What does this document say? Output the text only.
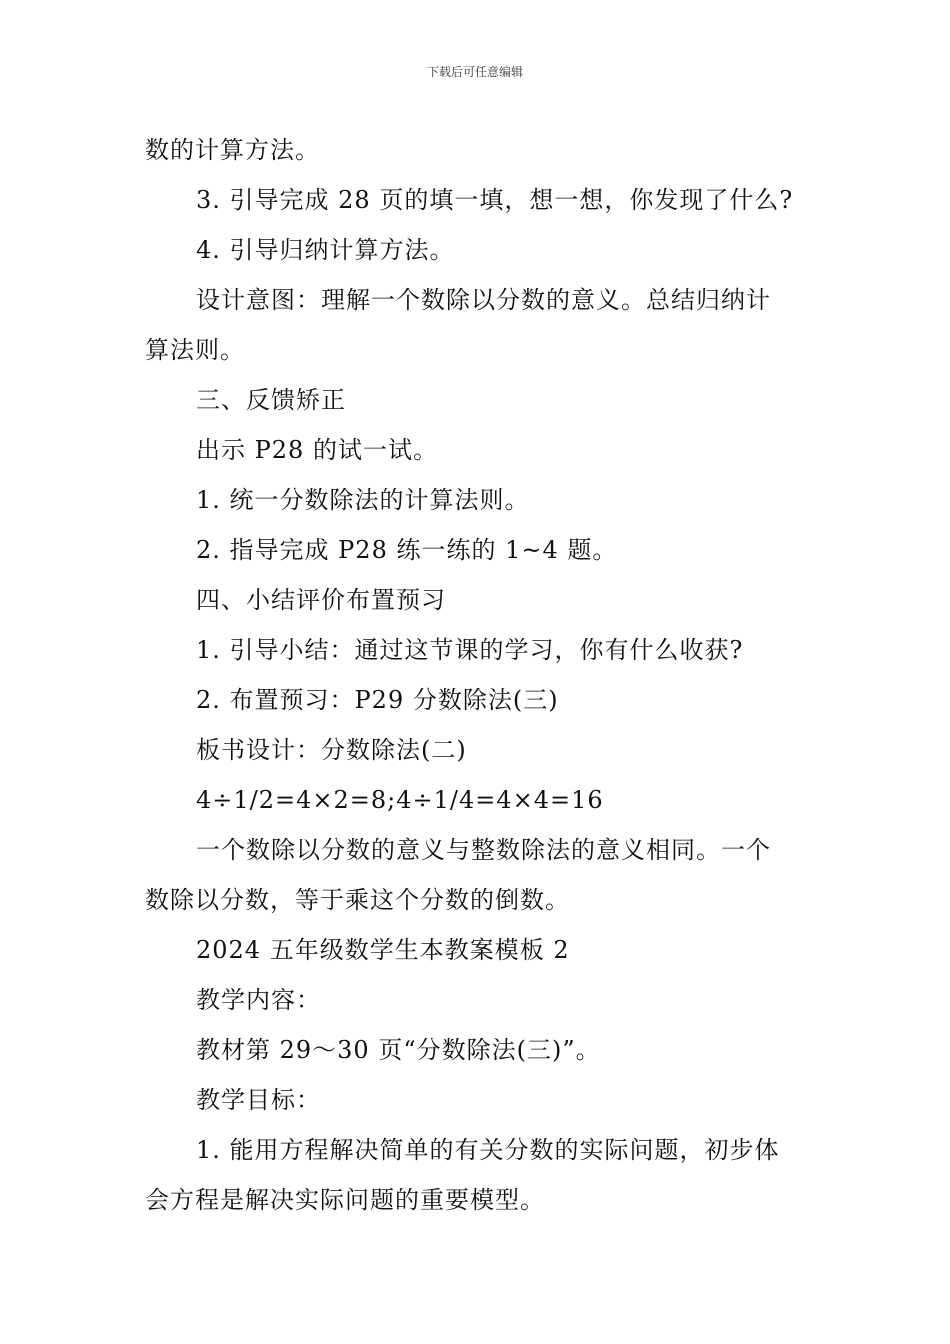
下载后可任意编辑

数的计算方法。

3. 引导完成 28 页的填一填，想一想，你发现了什么?

4. 引导归纳计算方法。

设计意图：理解一个数除以分数的意义。总结归纳计

算法则。

三、反馈矫正

出示 P28 的试一试。

1. 统一分数除法的计算法则。

2. 指导完成 P28 练一练的 1~4 题。

四、小结评价布置预习

1. 引导小结：通过这节课的学习，你有什么收获?

2. 布置预习：P29 分数除法(三)

板书设计：分数除法(二)

4÷1/2=4×2=8;4÷1/4=4×4=16

一个数除以分数的意义与整数除法的意义相同。一个

数除以分数，等于乘这个分数的倒数。

2024 五年级数学生本教案模板 2

教学内容：

教材第 29～30 页“分数除法(三)”。

教学目标：

1. 能用方程解决简单的有关分数的实际问题，初步体

会方程是解决实际问题的重要模型。
